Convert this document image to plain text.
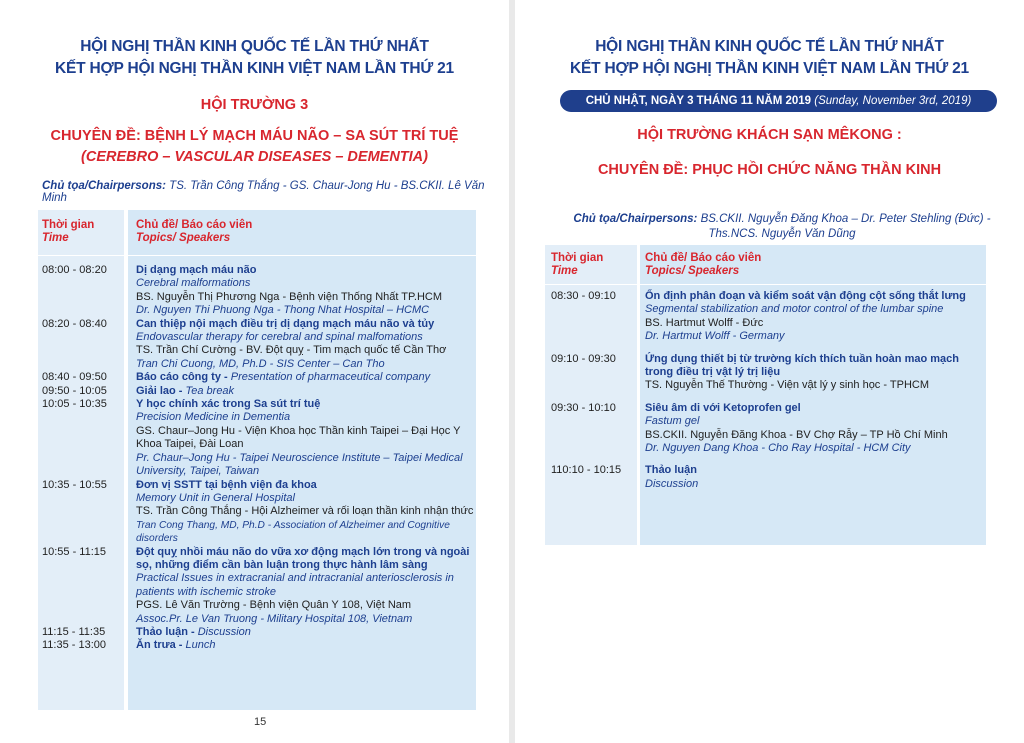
HỘI NGHỊ THẦN KINH QUỐC TẾ LẦN THỨ NHẤT
KẾT HỢP HỘI NGHỊ THẦN KINH VIỆT NAM LẦN THỨ 21
HỘI TRƯỜNG 3
CHUYÊN ĐỀ: BỆNH LÝ MẠCH MÁU NÃO – SA SÚT TRÍ TUỆ
(CEREBRO – VASCULAR DISEASES – DEMENTIA)
Chủ tọa/Chairpersons: TS. Trần Công Thắng - GS. Chaur-Jong Hu - BS.CKII. Lê Văn Minh
Thời gian
Time
Chủ đề/ Báo cáo viên
Topics/ Speakers
08:00 - 08:20	Dị dạng mạch máu não
Cerebral malformations
BS. Nguyễn Thị Phương Nga - Bệnh viện Thống Nhất TP.HCM
Dr. Nguyen Thi Phuong Nga - Thong Nhat Hospital – HCMC
08:20 - 08:40	Can thiệp nội mạch điều trị dị dạng mạch máu não và tủy
Endovascular therapy for cerebral and spinal malfomations
TS. Trần Chí Cường - BV. Đột quỵ - Tim mạch quốc tế Cần Thơ
Tran Chi Cuong, MD, Ph.D - SIS Center – Can Tho
08:40 - 09:50	Báo cáo công ty - Presentation of pharmaceutical company
09:50 - 10:05	Giải lao - Tea break
10:05 - 10:35	Y học chính xác trong Sa sút trí tuệ
Precision Medicine in Dementia
GS. Chaur–Jong Hu - Viện Khoa học Thần kinh Taipei – Đại Học Y Khoa Taipei, Đài Loan
Pr. Chaur–Jong Hu - Taipei Neuroscience Institute – Taipei Medical University, Taipei, Taiwan
10:35 - 10:55	Đơn vị SSTT tại bệnh viện đa khoa
Memory Unit in General Hospital
TS. Trần Công Thắng - Hội Alzheimer và rối loạn thần kinh nhận thức
Tran Cong Thang, MD, Ph.D - Association of Alzheimer and Cognitive disorders
10:55 - 11:15	Đột quỵ nhồi máu não do vữa xơ động mạch lớn trong và ngoài sọ, những điểm cần bàn luận trong thực hành lâm sàng
Practical Issues in extracranial and intracranial anteriosclerosis in patients with ischemic stroke
PGS. Lê Văn Trường - Bệnh viện Quân Y 108, Việt Nam
Assoc.Pr. Le Van Truong - Military Hospital 108, Vietnam
11:15 - 11:35	Thảo luận - Discussion
11:35 - 13:00	Ăn trưa - Lunch
15
HỘI NGHỊ THẦN KINH QUỐC TẾ LẦN THỨ NHẤT
KẾT HỢP HỘI NGHỊ THẦN KINH VIỆT NAM LẦN THỨ 21
CHỦ NHẬT, NGÀY 3 THÁNG 11 NĂM 2019 (Sunday, November 3rd, 2019)
HỘI TRƯỜNG KHÁCH SẠN MÊKONG :
CHUYÊN ĐỀ: PHỤC HỒI CHỨC NĂNG THẦN KINH
Chủ tọa/Chairpersons: BS.CKII. Nguyễn Đăng Khoa – Dr. Peter Stehling (Đức) -
Ths.NCS. Nguyễn Văn Dũng
Thời gian
Time
Chủ đề/ Báo cáo viên
Topics/ Speakers
08:30 - 09:10	Ổn định phân đoạn và kiểm soát vận động cột sống thắt lưng
Segmental stabilization and motor control of the lumbar spine
BS. Hartmut Wolff - Đức
Dr. Hartmut Wolff - Germany
09:10 - 09:30	Ứng dụng thiết bị từ trường kích thích tuần hoàn mao mạch trong điều trị vật lý trị liệu
TS. Nguyễn Thế Thường - Viện vật lý y sinh học - TPHCM
09:30 - 10:10	Siêu âm di với Ketoprofen gel
Fastum gel
BS.CKII. Nguyễn Đăng Khoa - BV Chợ Rẫy – TP Hồ Chí Minh
Dr. Nguyen Dang Khoa - Cho Ray Hospital - HCM City
110:10 - 10:15	Thảo luận
Discussion
